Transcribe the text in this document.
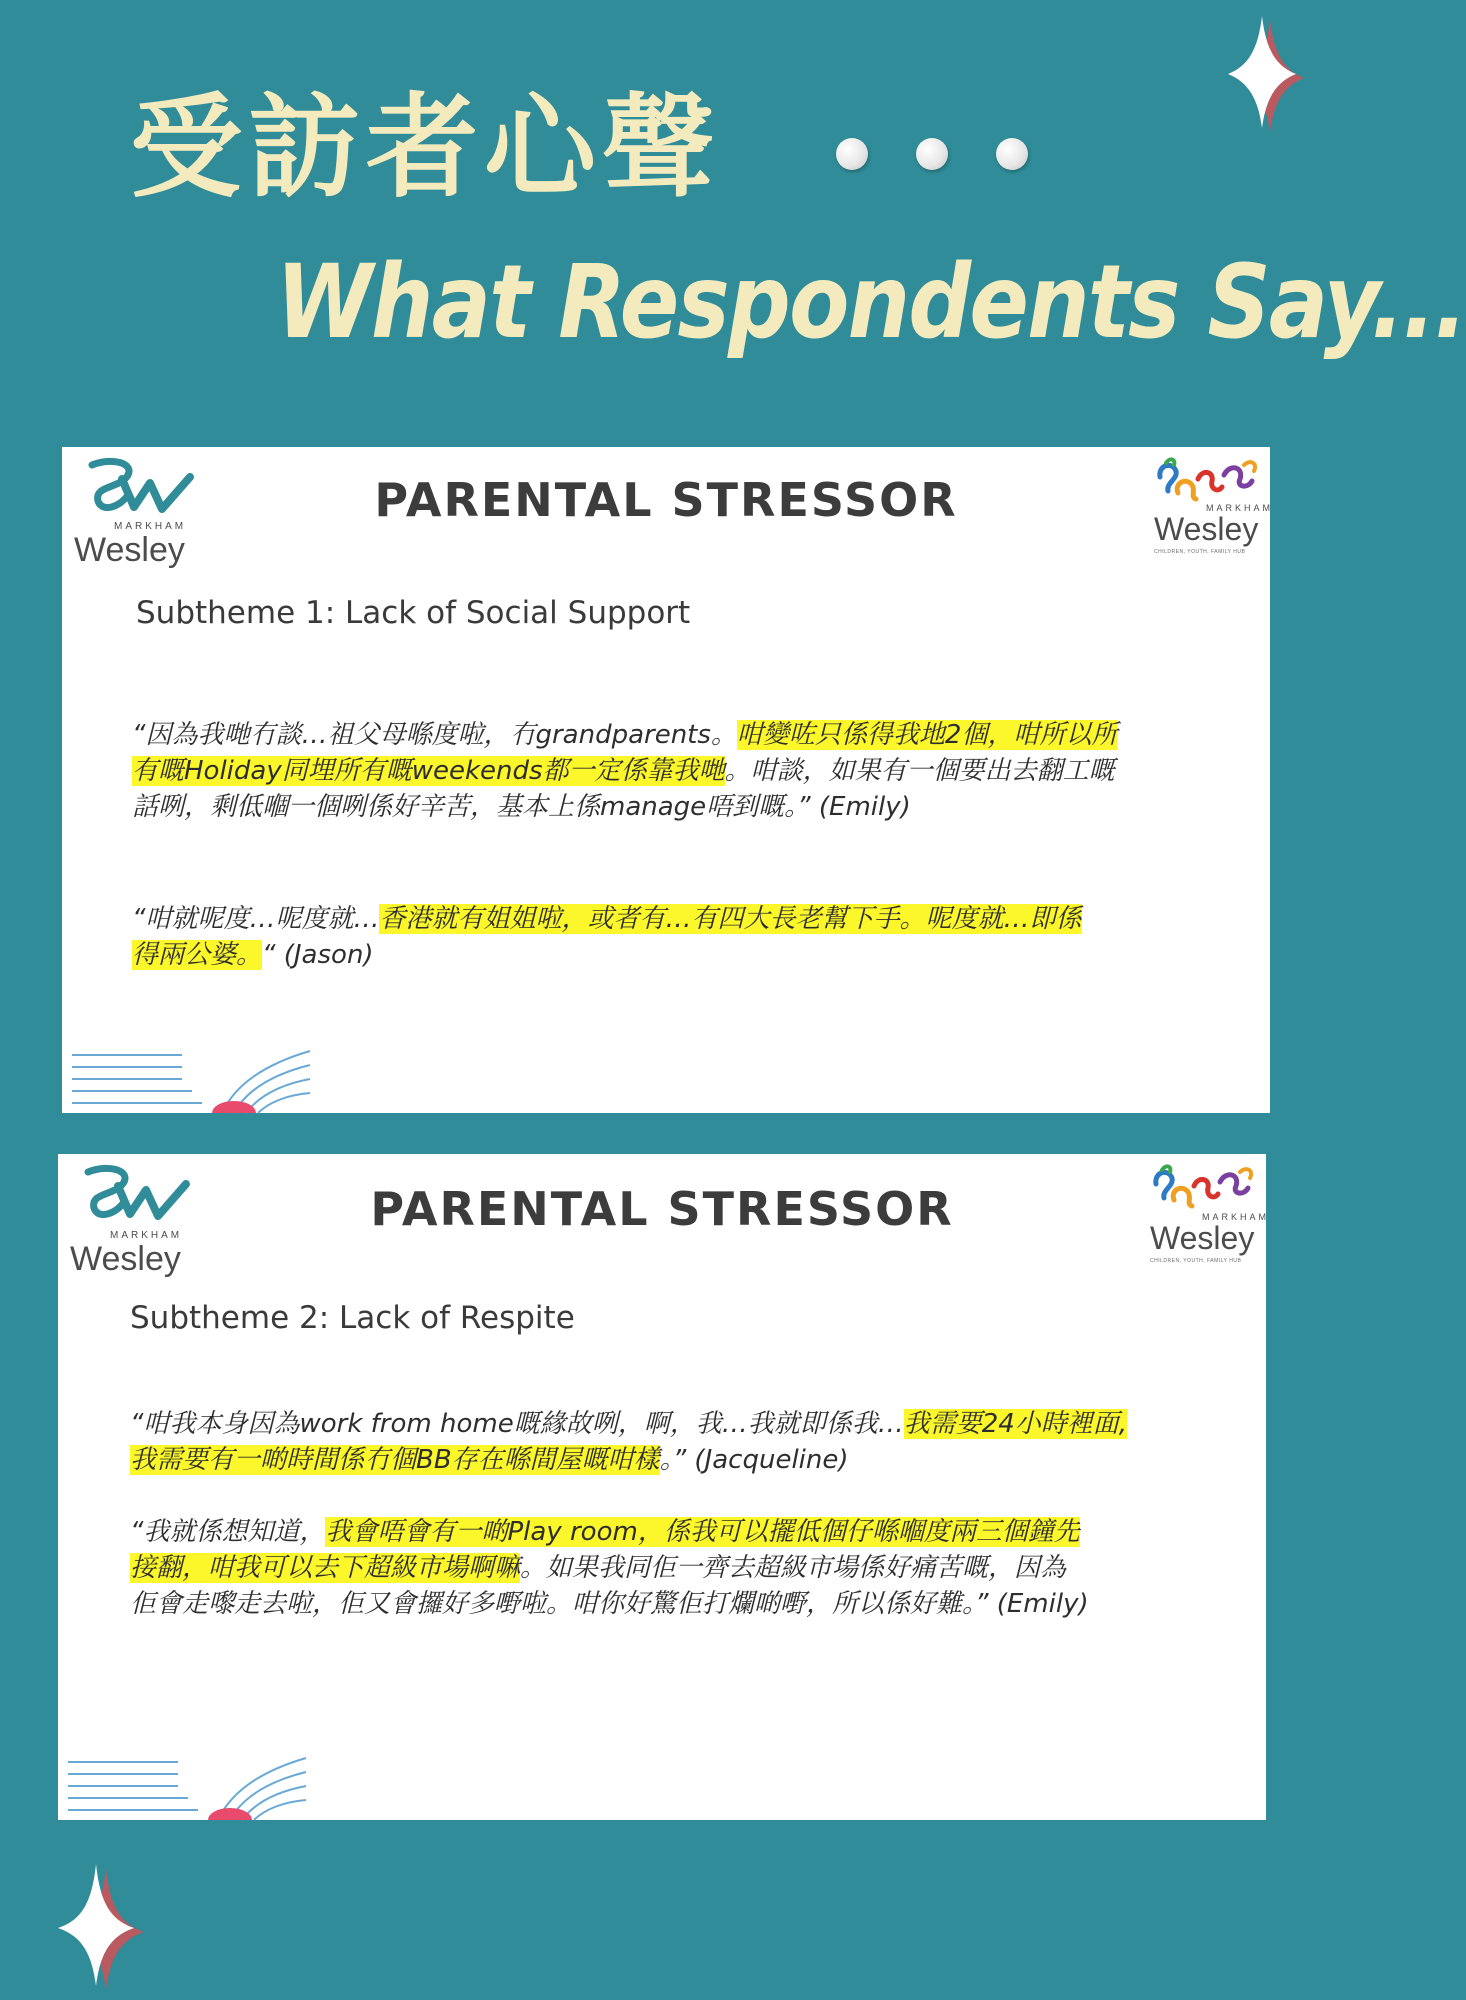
受訪者心聲
What Respondents Say...
MARKHAM
Wesley
MARKHAM
Wesley
CHILDREN, YOUTH, FAMILY HUB
PARENTAL STRESSOR
Subtheme 1: Lack of Social Support
“因為我哋冇談…祖父母喺度啦，冇grandparents。咁變咗只係得我地2個，咁所以所
有嘅Holiday同埋所有嘅weekends都一定係靠我哋。咁談，如果有一個要出去翻工嘅
話咧，剩低嗰一個咧係好辛苦，基本上係manage唔到嘅。” (Emily)
“咁就呢度…呢度就…香港就有姐姐啦，或者有…有四大長老幫下手。呢度就…即係
得兩公婆。“ (Jason)
MARKHAM
Wesley
MARKHAM
Wesley
CHILDREN, YOUTH, FAMILY HUB
PARENTAL STRESSOR
Subtheme 2: Lack of Respite
“咁我本身因為work from home嘅緣故咧，啊，我…我就即係我…我需要24小時裡面,
我需要有一啲時間係冇個BB存在喺間屋嘅咁樣。” (Jacqueline)
“我就係想知道，我會唔會有一啲Play room，係我可以擺低個仔喺嗰度兩三個鐘先
接翻，咁我可以去下超級市場啊嘛。如果我同佢一齊去超級市場係好痛苦嘅，因為
佢會走嚟走去啦，佢又會攞好多嘢啦。咁你好驚佢打爛啲嘢，所以係好難。” (Emily)
